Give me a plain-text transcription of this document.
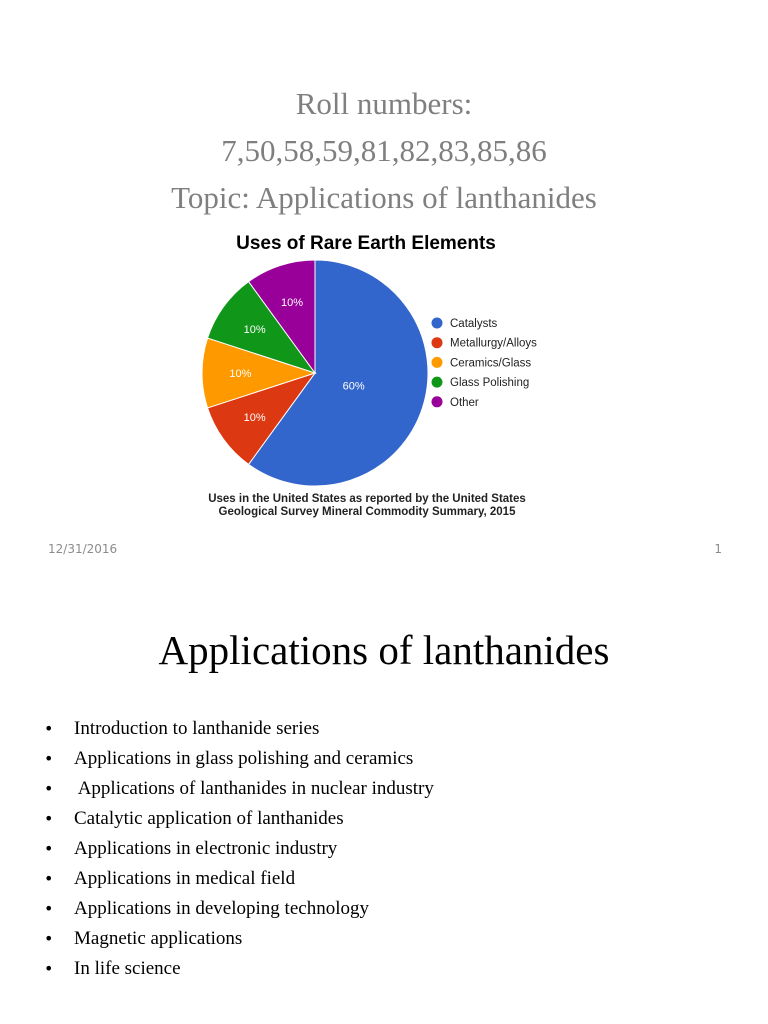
Roll numbers:
7,50,58,59,81,82,83,85,86
Topic: Applications of lanthanides
Uses of Rare Earth Elements
60%
10%
10%
10%
10%
Catalysts
Metallurgy/Alloys
Ceramics/Glass
Glass Polishing
Other
Uses in the United States as reported by the United States
Geological Survey Mineral Commodity Summary, 2015
12/31/2016	1
Applications of lanthanides
• Introduction to lanthanide series
• Applications in glass polishing and ceramics
• Applications of lanthanides in nuclear industry
• Catalytic application of lanthanides
• Applications in electronic industry
• Applications in medical field
• Applications in developing technology
• Magnetic applications
• In life science
